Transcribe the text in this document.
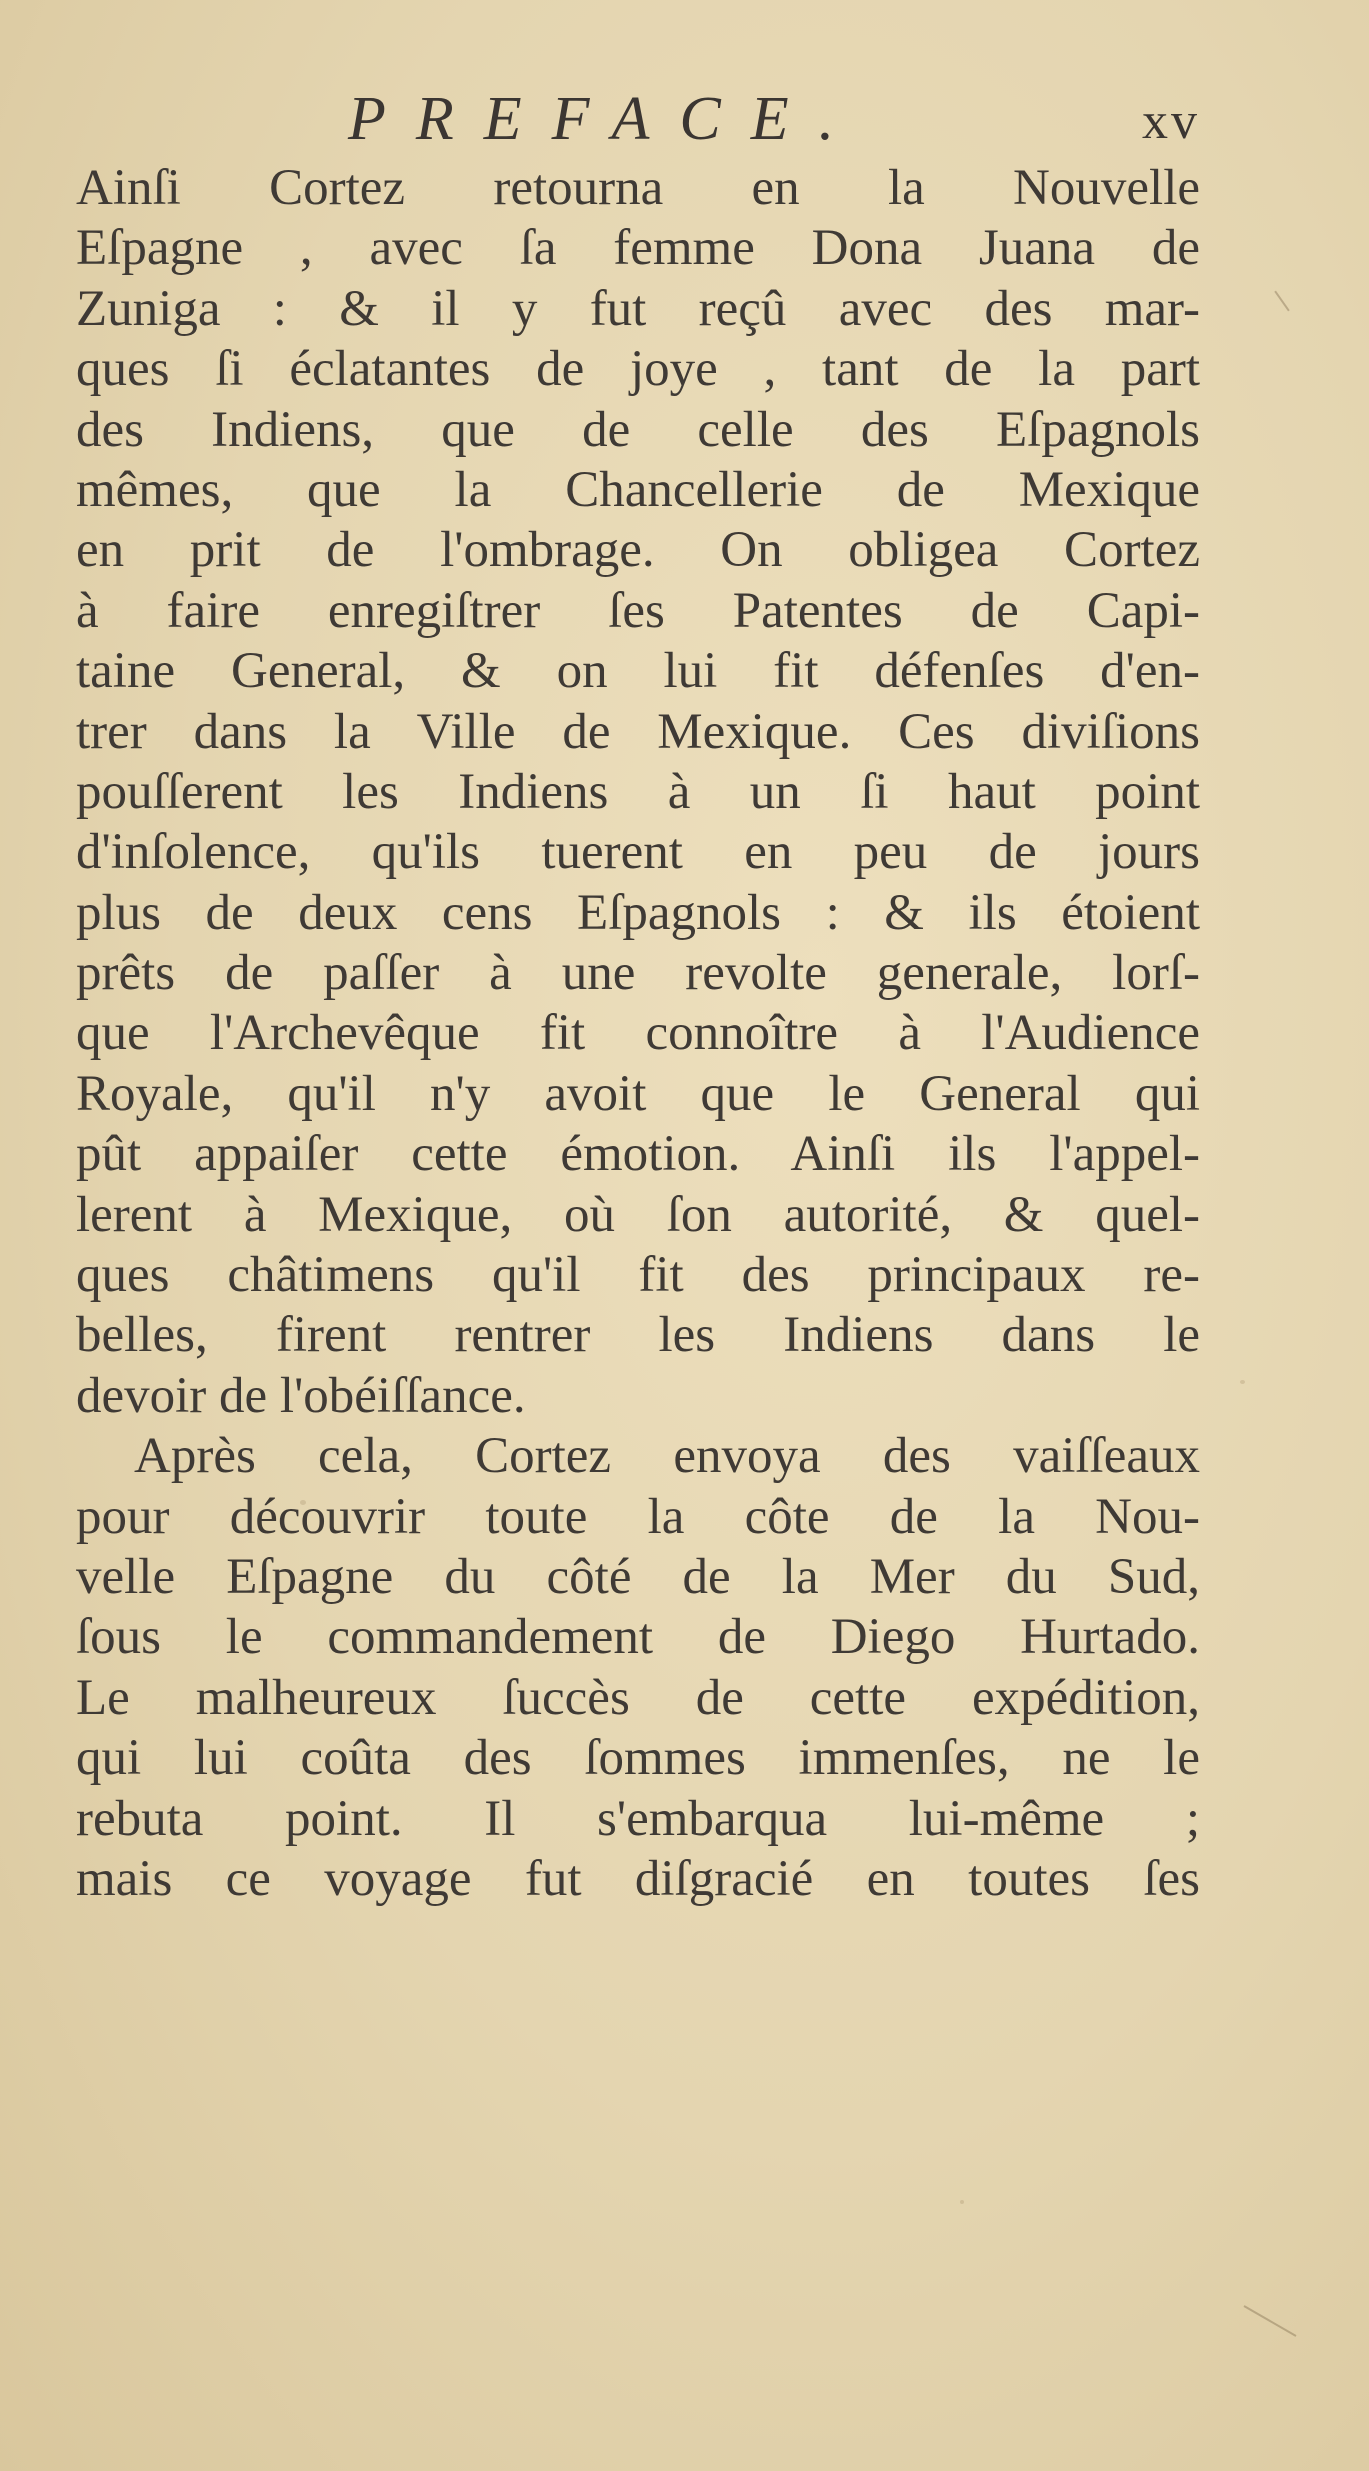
PREFACE.	xv
Ainſi Cortez retourna en la Nouvelle
Eſpagne , avec ſa femme Dona Juana de
Zuniga : & il y fut reçû avec des mar-
ques ſi éclatantes de joye , tant de la part
des Indiens, que de celle des Eſpagnols
mêmes, que la Chancellerie de Mexique
en prit de l'ombrage. On obligea Cortez
à faire enregiſtrer ſes Patentes de Capi-
taine General, & on lui fit défenſes d'en-
trer dans la Ville de Mexique. Ces diviſions
pouſſerent les Indiens à un ſi haut point
d'inſolence, qu'ils tuerent en peu de jours
plus de deux cens Eſpagnols : & ils étoient
prêts de paſſer à une revolte generale, lorſ-
que l'Archevêque fit connoître à l'Audience
Royale, qu'il n'y avoit que le General qui
pût appaiſer cette émotion. Ainſi ils l'appel-
lerent à Mexique, où ſon autorité, & quel-
ques châtimens qu'il fit des principaux re-
belles, firent rentrer les Indiens dans le
devoir de l'obéiſſance.
Après cela, Cortez envoya des vaiſſeaux
pour découvrir toute la côte de la Nou-
velle Eſpagne du côté de la Mer du Sud,
ſous le commandement de Diego Hurtado.
Le malheureux ſuccès de cette expédition,
qui lui coûta des ſommes immenſes, ne le
rebuta point. Il s'embarqua lui-même ;
mais ce voyage fut diſgracié en toutes ſes
